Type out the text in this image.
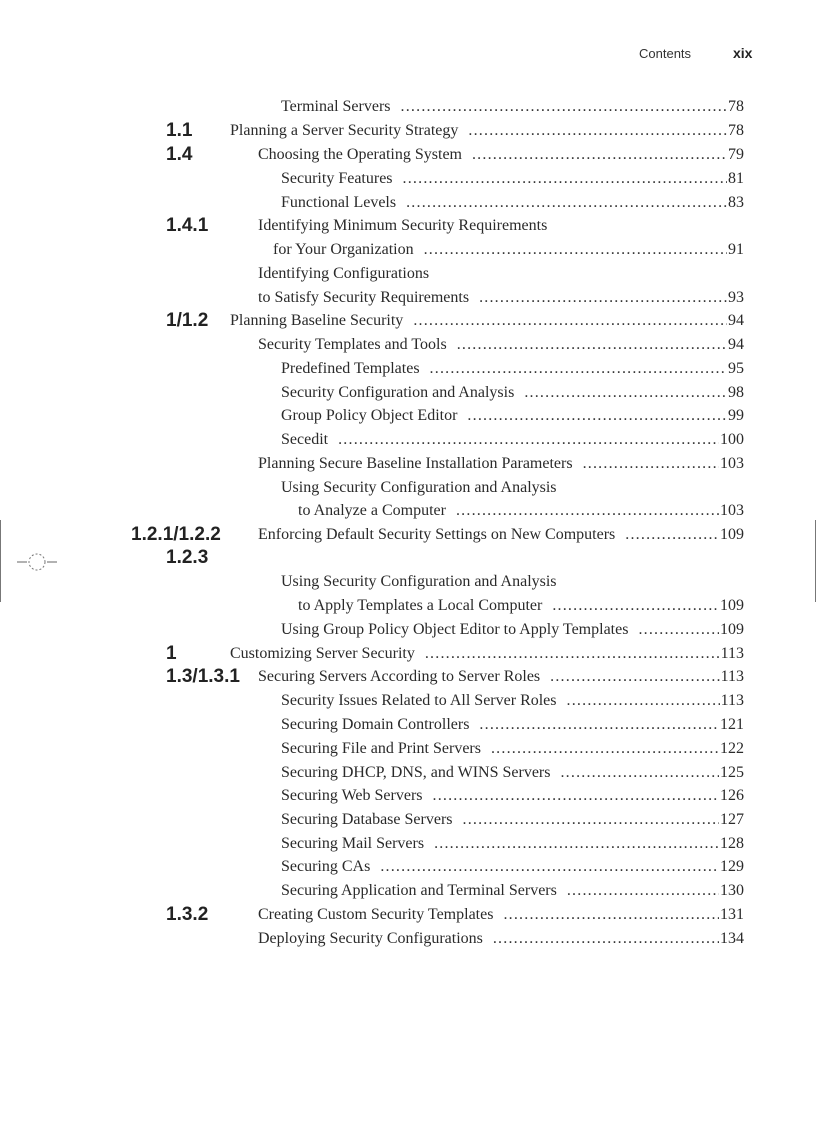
Contents	xix
Terminal Servers . . .	78
1.1 Planning a Server Security Strategy . . .	78
1.4	Choosing the Operating System . . .	79
Security Features . . .	81
Functional Levels . . .	83
1.4.1	Identifying Minimum Security Requirements
for Your Organization . . .	91
Identifying Configurations
to Satisfy Security Requirements . . .	93
1/1.2 Planning Baseline Security . . .	94
Security Templates and Tools . . .	94
Predefined Templates . . .	95
Security Configuration and Analysis . . .	98
Group Policy Object Editor . . .	99
Secedit . . .	100
Planning Secure Baseline Installation Parameters . . .	103
Using Security Configuration and Analysis
to Analyze a Computer . . .	103
1.2.1/1.2.2 Enforcing Default Security Settings on New Computers . . .	109
1.2.3
Using Security Configuration and Analysis
to Apply Templates a Local Computer . . .	109
Using Group Policy Object Editor to Apply Templates . . .	109
1	Customizing Server Security . . .	113
1.3/1.3.1 Securing Servers According to Server Roles . . .	113
Security Issues Related to All Server Roles . . .	113
Securing Domain Controllers . . .	121
Securing File and Print Servers . . .	122
Securing DHCP, DNS, and WINS Servers . . .	125
Securing Web Servers . . .	126
Securing Database Servers . . .	127
Securing Mail Servers . . .	128
Securing CAs . . .	129
Securing Application and Terminal Servers . . .	130
1.3.2	Creating Custom Security Templates . . .	131
Deploying Security Configurations . . .	134
